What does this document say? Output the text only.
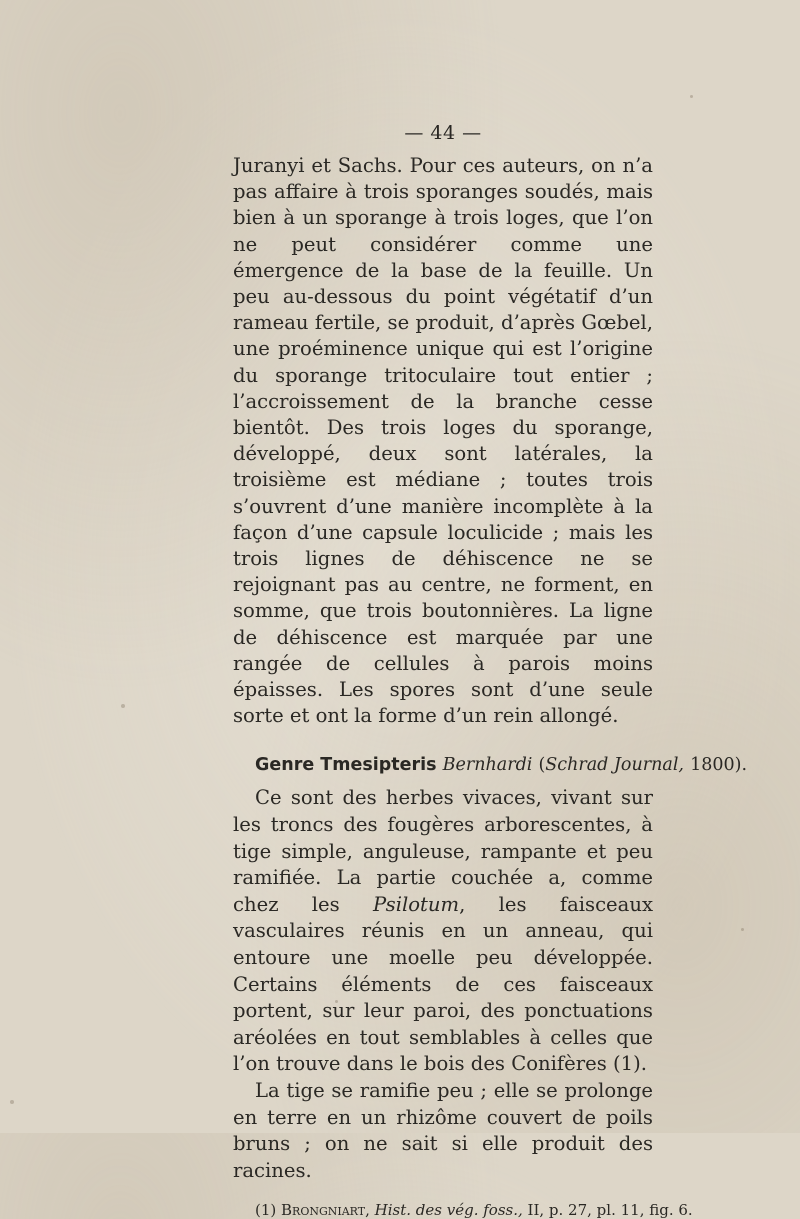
— 44 —

Juranyi et Sachs. Pour ces auteurs, on n’a pas affaire à trois sporanges soudés, mais bien à un sporange à trois loges, que l’on ne peut considérer comme une émergence de la base de la feuille. Un peu au-dessous du point végétatif d’un rameau fertile, se produit, d’après Gœbel, une proéminence unique qui est l’origine du sporange tritoculaire tout entier ; l’accroissement de la branche cesse bientôt. Des trois loges du sporange, développé, deux sont latérales, la troisième est médiane ; toutes trois s’ouvrent d’une manière incomplète à la façon d’une capsule loculicide ; mais les trois lignes de déhiscence ne se rejoignant pas au centre, ne forment, en somme, que trois boutonnières. La ligne de déhiscence est marquée par une rangée de cellules à parois moins épaisses. Les spores sont d’une seule sorte et ont la forme d’un rein allongé.

Genre Tmesipteris Bernhardi (Schrad Journal, 1800).

Ce sont des herbes vivaces, vivant sur les troncs des fougères arborescentes, à tige simple, anguleuse, rampante et peu ramifiée. La partie couchée a, comme chez les Psilotum, les faisceaux vasculaires réunis en un anneau, qui entoure une moelle peu développée. Certains éléments de ces faisceaux portent, sur leur paroi, des ponctuations aréolées en tout semblables à celles que l’on trouve dans le bois des Conifères (1).

La tige se ramifie peu ; elle se prolonge en terre en un rhizôme couvert de poils bruns ; on ne sait si elle produit des racines.

(1) Brongniart, Hist. des vég. foss., II, p. 27, pl. 11, fig. 6.
